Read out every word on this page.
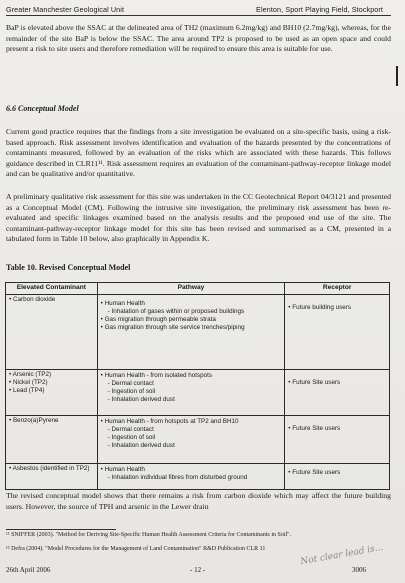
Greater Manchester Geological Unit	Elenton, Sport Playing Field, Stockport

BaP is elevated above the SSAC at the delineated area of TH2 (maximum 6.2mg/kg) and BH10 (2.7mg/kg), whereas, for the remainder of the site BaP is below the SSAC. The area around TP2 is proposed to be used as an open space and could present a risk to site users and therefore remediation will be required to ensure this area is suitable for use.

6.6 Conceptual Model

Current good practice requires that the findings from a site investigation be evaluated on a site-specific basis, using a risk-based approach. Risk assessment involves identification and evaluation of the hazards presented by the concentrations of contaminants measured, followed by an evaluation of the risks which are associated with these hazards. This follows guidance described in CLR11¹¹. Risk assessment requires an evaluation of the contaminant-pathway-receptor linkage model and can be qualitative and/or quantitative.

A preliminary qualitative risk assessment for this site was undertaken in the CC Geotechnical Report 04/3121 and presented as a Conceptual Model (CM). Following the intrusive site investigation, the preliminary risk assessment has been re-evaluated and specific linkages examined based on the analysis results and the proposed end use of the site. The contaminant-pathway-receptor linkage model for this site has been revised and summarised as a CM, presented in a tabulated form in Table 10 below, also graphically in Appendix K.

Table 10. Revised Conceptual Model

Elevated Contaminant	Pathway	Receptor
• Carbon dioxide	• Human Health
- Inhalation of gases within or proposed buildings
• Gas migration through permeable strata
• Gas migration through site service trenches/piping	• Future building users

• Arsenic (TP2)
• Nickel (TP2)
• Lead (TP4)	• Human Health - from isolated hotspots
- Dermal contact
- Ingestion of soil
- Inhalation derived dust	• Future Site users

• Benzo(a)Pyrene	• Human Health - from hotspots at TP2 and BH10
- Dermal contact
- Ingestion of soil
- Inhalation derived dust	• Future Site users

• Asbestos (identified in TP2)	• Human Health
- Inhalation individual fibres from disturbed ground	• Future Site users

The revised conceptual model shows that there remains a risk from carbon dioxide which may affect the future building users. However, the source of TPH and arsenic in the Lewer drain

¹¹ SNIFFER (2003). "Method for Deriving Site-Specific Human Health Assessment Criteria for Contaminants in Soil".

¹² Defra (2004). "Model Procedures for the Management of Land Contamination" R&D Publication CLR 11	Not clear lead is...
26th April 2006	- 12 -	3006
